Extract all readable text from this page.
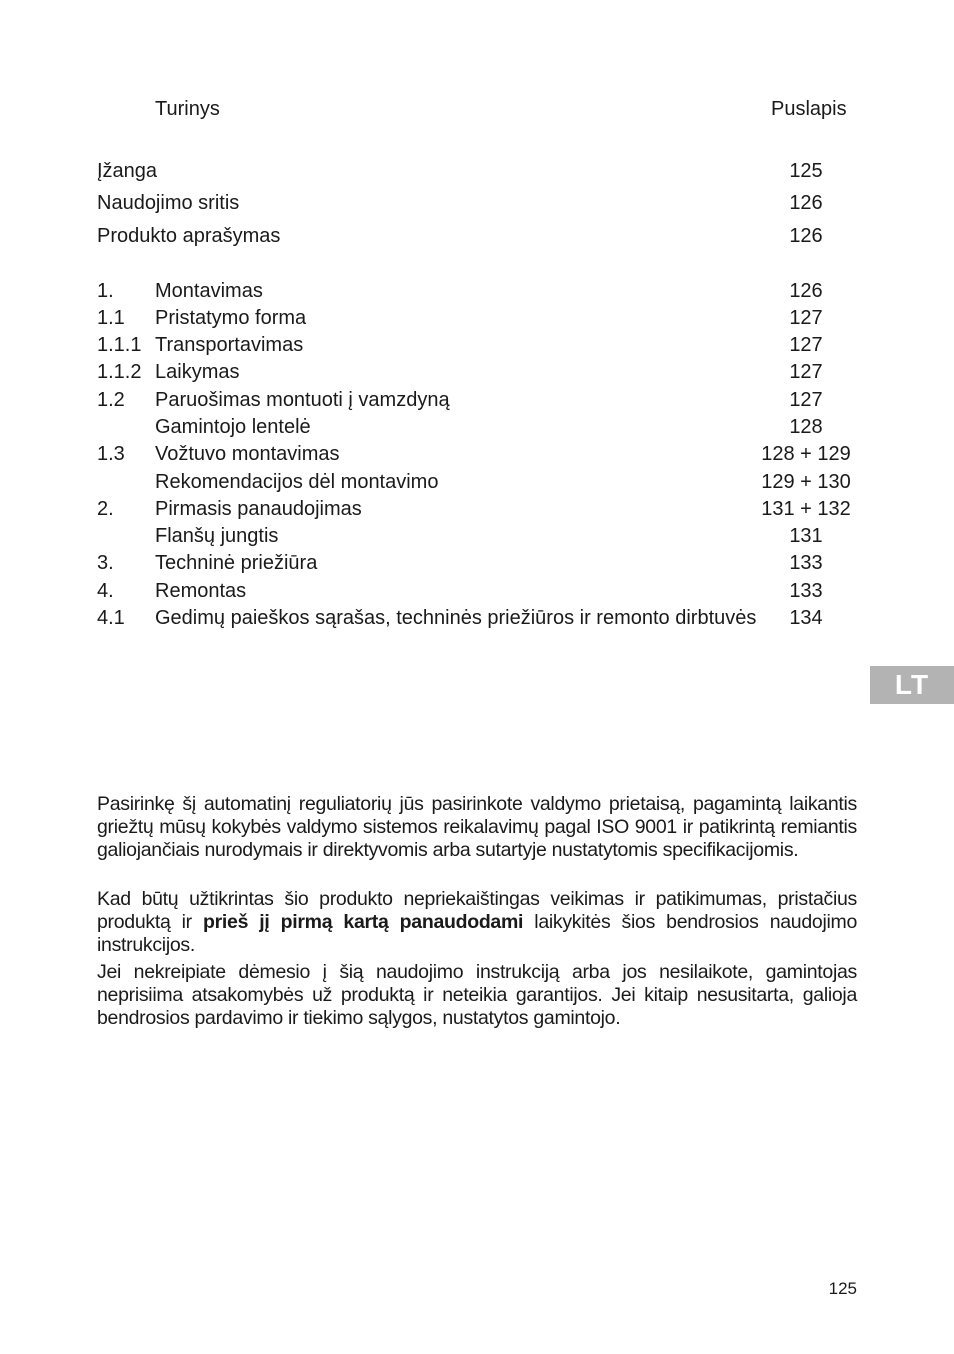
Turinys	Puslapis
Įžanga	125
Naudojimo sritis	126
Produkto aprašymas	126
1. Montavimas	126
1.1 Pristatymo forma	127
1.1.1 Transportavimas	127
1.1.2 Laikymas	127
1.2 Paruošimas montuoti į vamzdyną	127
Gamintojo lentelė	128
1.3 Vožtuvo montavimas	128 + 129
Rekomendacijos dėl montavimo	129 + 130
2. Pirmasis panaudojimas	131 + 132
Flanšų jungtis	131
3. Techninė priežiūra	133
4. Remontas	133
4.1 Gedimų paieškos sąrašas, techninės priežiūros ir remonto dirbtuvės	134
LT

Pasirinkę šį automatinį reguliatorių jūs pasirinkote valdymo prietaisą, pagamintą laikantis griežtų mūsų kokybės valdymo sistemos reikalavimų pagal ISO 9001 ir patikrintą remiantis galiojančiais nurodymais ir direktyvomis arba sutartyje nustatytomis specifikacijomis.

Kad būtų užtikrintas šio produkto nepriekaištingas veikimas ir patikimumas, pristačius produktą ir prieš jį pirmą kartą panaudodami laikykitės šios bendrosios naudojimo instrukcijos.

Jei nekreipiate dėmesio į šią naudojimo instrukciją arba jos nesilaikote, gamintojas neprisiima atsakomybės už produktą ir neteikia garantijos. Jei kitaip nesusitarta, galioja bendrosios pardavimo ir tiekimo sąlygos, nustatytos gamintojo.

125
